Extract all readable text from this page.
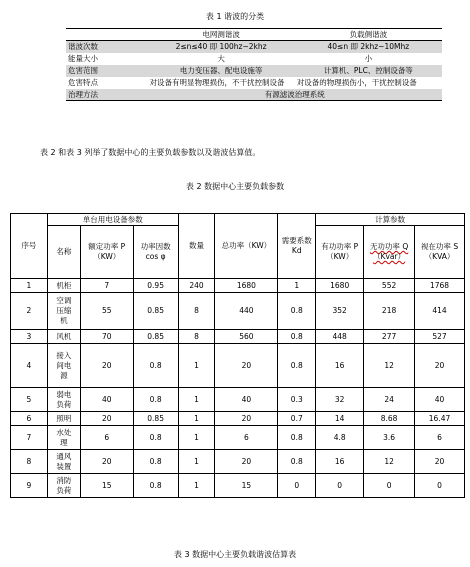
表 1 谐波的分类
	电网测谐波	负载侧谐波
谐波次数	2≤n≤40 即 100hz~2khz	40≤n 即 2khz~10Mhz
能量大小	大	小
危害范围	电力变压器、配电设施等	计算机、PLC、控制设备等
危害特点	对设备有明显物理损伤，不干扰控制设备	对设备的物理损伤小，干扰控制设备
治理方法	有源滤波治理系统	
表 2 和表 3 列举了数据中心的主要负载参数以及谐波估算值。
表 2 数据中心主要负载参数
序号	单台用电设备参数			数量	总功率（KW）	需要系数 Kd	计算参数		
	名称	额定功率 P（KW）	功率因数 cos φ				有功功率 P（KW）	无功功率 Q（Kvar）	视在功率 S（KVA）
1	机柜	7	0.95	240	1680	1	1680	552	1768
2	空调压缩机	55	0.85	8	440	0.8	352	218	414
3	风机	70	0.85	8	560	0.8	448	277	527
4	接入间电源	20	0.8	1	20	0.8	16	12	20
5	弱电负荷	40	0.8	1	40	0.3	32	24	40
6	照明	20	0.85	1	20	0.7	14	8.68	16.47
7	水处理	6	0.8	1	6	0.8	4.8	3.6	6
8	通风装置	20	0.8	1	20	0.8	16	12	20
9	消防负荷	15	0.8	1	15	0	0	0	0
表 3 数据中心主要负载谐波估算表
